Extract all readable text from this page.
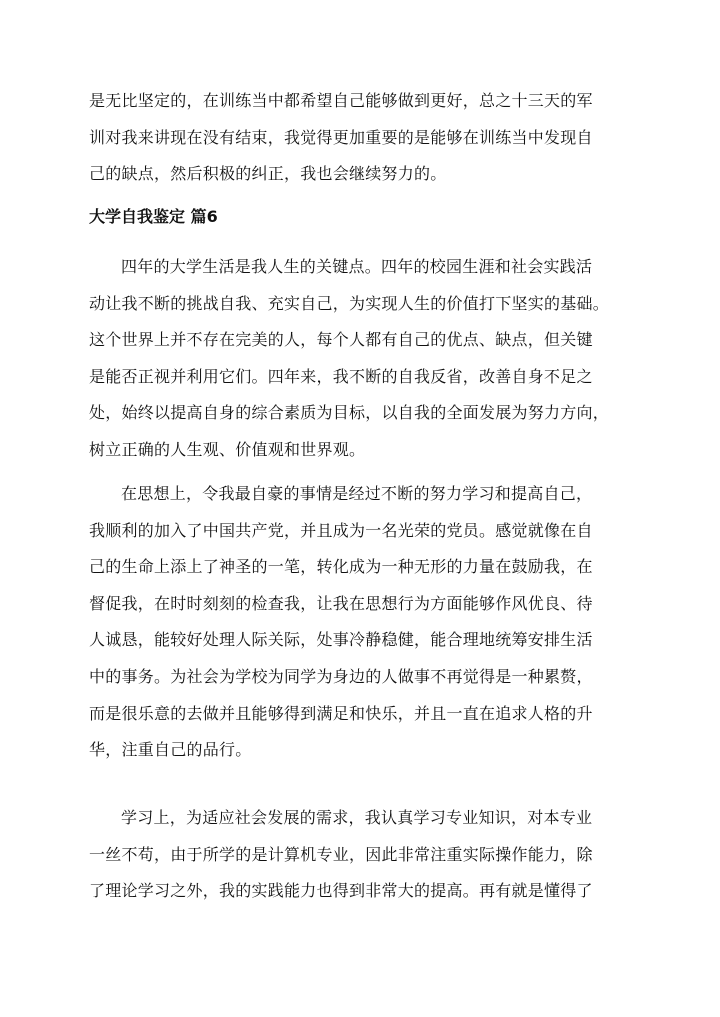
是无比坚定的，在训练当中都希望自己能够做到更好，总之十三天的军
训对我来讲现在没有结束，我觉得更加重要的是能够在训练当中发现自
己的缺点，然后积极的纠正，我也会继续努力的。
大学自我鉴定 篇6
四年的大学生活是我人生的关键点。四年的校园生涯和社会实践活
动让我不断的挑战自我、充实自己，为实现人生的价值打下坚实的基础。
这个世界上并不存在完美的人，每个人都有自己的优点、缺点，但关键
是能否正视并利用它们。四年来，我不断的自我反省，改善自身不足之
处，始终以提高自身的综合素质为目标，以自我的全面发展为努力方向，
树立正确的人生观、价值观和世界观。
在思想上，令我最自豪的事情是经过不断的努力学习和提高自己，
我顺利的加入了中国共产党，并且成为一名光荣的党员。感觉就像在自
己的生命上添上了神圣的一笔，转化成为一种无形的力量在鼓励我，在
督促我，在时时刻刻的检查我，让我在思想行为方面能够作风优良、待
人诚恳，能较好处理人际关际，处事冷静稳健，能合理地统筹安排生活
中的事务。为社会为学校为同学为身边的人做事不再觉得是一种累赘，
而是很乐意的去做并且能够得到满足和快乐，并且一直在追求人格的升
华，注重自己的品行。
学习上，为适应社会发展的需求，我认真学习专业知识，对本专业
一丝不苟，由于所学的是计算机专业，因此非常注重实际操作能力，除
了理论学习之外，我的实践能力也得到非常大的提高。再有就是懂得了
